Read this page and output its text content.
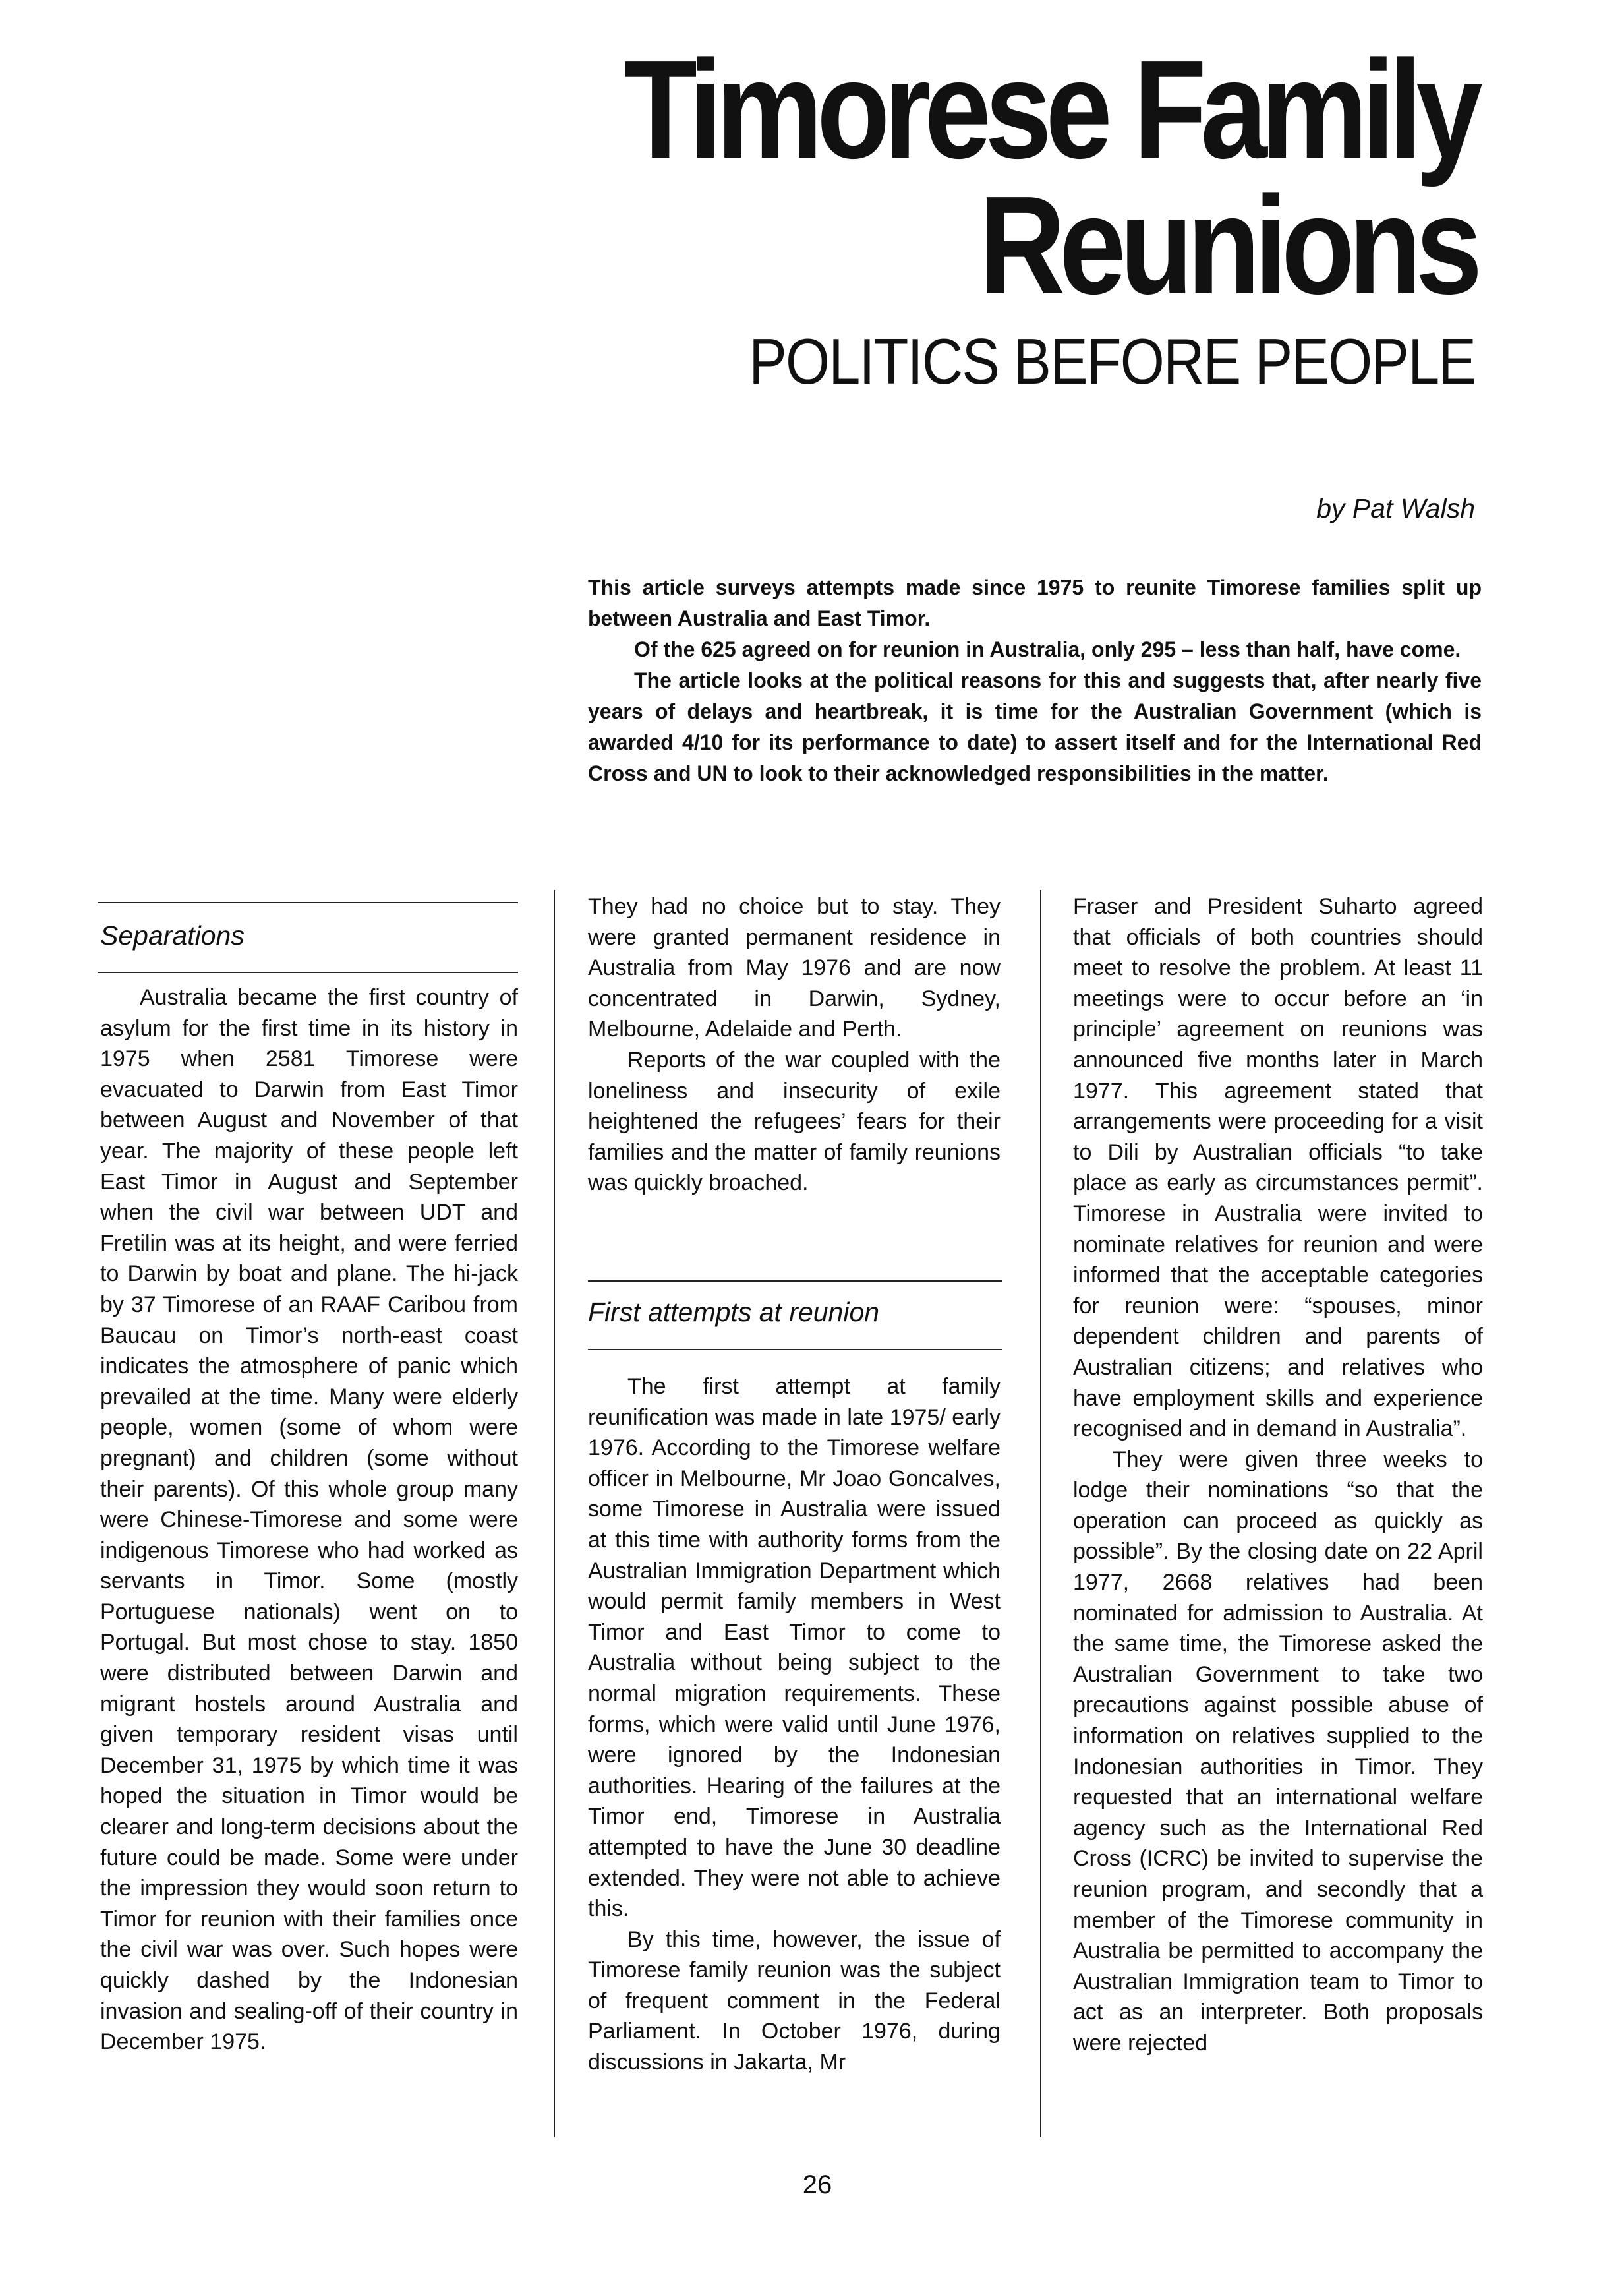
Timorese Family
Reunions
POLITICS BEFORE PEOPLE

by Pat Walsh

This article surveys attempts made since 1975 to reunite Timorese families split up between Australia and East Timor.

Of the 625 agreed on for reunion in Australia, only 295 – less than half, have come.

The article looks at the political reasons for this and suggests that, after nearly five years of delays and heartbreak, it is time for the Australian Government (which is awarded 4/10 for its performance to date) to assert itself and for the International Red Cross and UN to look to their acknowledged responsibilities in the matter.

Separations

Australia became the first country of asylum for the first time in its history in 1975 when 2581 Timorese were evacuated to Darwin from East Timor between August and November of that year. The majority of these people left East Timor in August and September when the civil war between UDT and Fretilin was at its height, and were ferried to Darwin by boat and plane. The hi-jack by 37 Timorese of an RAAF Caribou from Baucau on Timor’s north-east coast indicates the atmosphere of panic which prevailed at the time. Many were elderly people, women (some of whom were pregnant) and children (some without their parents). Of this whole group many were Chinese-Timorese and some were indigenous Timorese who had worked as servants in Timor. Some (mostly Portuguese nationals) went on to Portugal. But most chose to stay. 1850 were distributed between Darwin and migrant hostels around Australia and given temporary resident visas until December 31, 1975 by which time it was hoped the situation in Timor would be clearer and long-term decisions about the future could be made. Some were under the impression they would soon return to Timor for reunion with their families once the civil war was over. Such hopes were quickly dashed by the Indonesian invasion and sealing-off of their country in December 1975.

They had no choice but to stay. They were granted permanent residence in Australia from May 1976 and are now concentrated in Darwin, Sydney, Melbourne, Adelaide and Perth.

Reports of the war coupled with the loneliness and insecurity of exile heightened the refugees’ fears for their families and the matter of family reunions was quickly broached.

First attempts at reunion

The first attempt at family reunification was made in late 1975/ early 1976. According to the Timorese welfare officer in Melbourne, Mr Joao Goncalves, some Timorese in Australia were issued at this time with authority forms from the Australian Immigration Department which would permit family members in West Timor and East Timor to come to Australia without being subject to the normal migration requirements. These forms, which were valid until June 1976, were ignored by the Indonesian authorities. Hearing of the failures at the Timor end, Timorese in Australia attempted to have the June 30 deadline extended. They were not able to achieve this.

By this time, however, the issue of Timorese family reunion was the subject of frequent comment in the Federal Parliament. In October 1976, during discussions in Jakarta, Mr

Fraser and President Suharto agreed that officials of both countries should meet to resolve the problem. At least 11 meetings were to occur before an ‘in principle’ agreement on reunions was announced five months later in March 1977. This agreement stated that arrangements were proceeding for a visit to Dili by Australian officials “to take place as early as circumstances permit”. Timorese in Australia were invited to nominate relatives for reunion and were informed that the acceptable categories for reunion were: “spouses, minor dependent children and parents of Australian citizens; and relatives who have employment skills and experience recognised and in demand in Australia”.

They were given three weeks to lodge their nominations “so that the operation can proceed as quickly as possible”. By the closing date on 22 April 1977, 2668 relatives had been nominated for admission to Australia. At the same time, the Timorese asked the Australian Government to take two precautions against possible abuse of information on relatives supplied to the Indonesian authorities in Timor. They requested that an international welfare agency such as the International Red Cross (ICRC) be invited to supervise the reunion program, and secondly that a member of the Timorese community in Australia be permitted to accompany the Australian Immigration team to Timor to act as an interpreter. Both proposals were rejected

26
